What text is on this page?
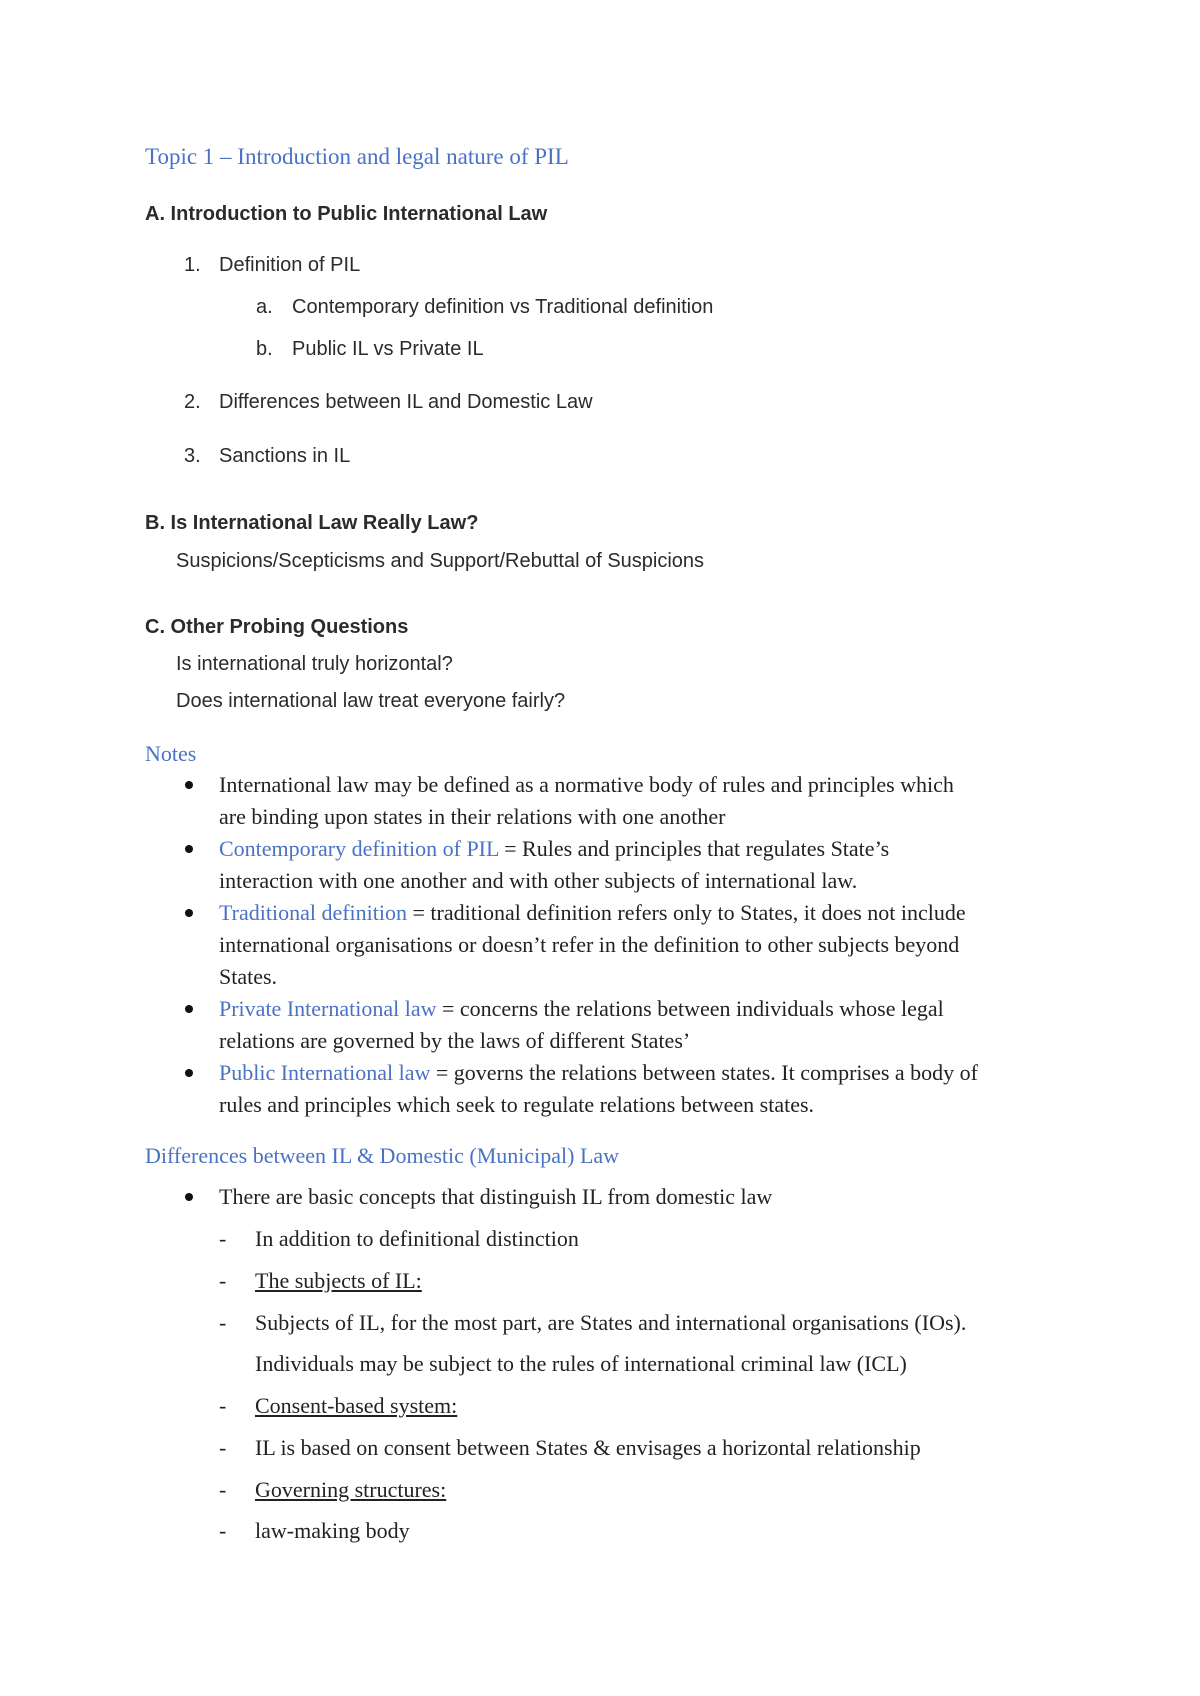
Topic 1 – Introduction and legal nature of PIL
A. Introduction to Public International Law
1. Definition of PIL
a. Contemporary definition vs Traditional definition
b. Public IL vs Private IL
2. Differences between IL and Domestic Law
3. Sanctions in IL
B. Is International Law Really Law?
Suspicions/Scepticisms and Support/Rebuttal of Suspicions
C. Other Probing Questions
Is international truly horizontal?
Does international law treat everyone fairly?
Notes
International law may be defined as a normative body of rules and principles which
are binding upon states in their relations with one another
Contemporary definition of PIL = Rules and principles that regulates State’s
interaction with one another and with other subjects of international law.
Traditional definition = traditional definition refers only to States, it does not include
international organisations or doesn’t refer in the definition to other subjects beyond
States.
Private International law = concerns the relations between individuals whose legal
relations are governed by the laws of different States’
Public International law = governs the relations between states. It comprises a body of
rules and principles which seek to regulate relations between states.
Differences between IL & Domestic (Municipal) Law
There are basic concepts that distinguish IL from domestic law
- In addition to definitional distinction
- The subjects of IL:
- Subjects of IL, for the most part, are States and international organisations (IOs).
Individuals may be subject to the rules of international criminal law (ICL)
- Consent-based system:
- IL is based on consent between States & envisages a horizontal relationship
- Governing structures:
- law-making body
